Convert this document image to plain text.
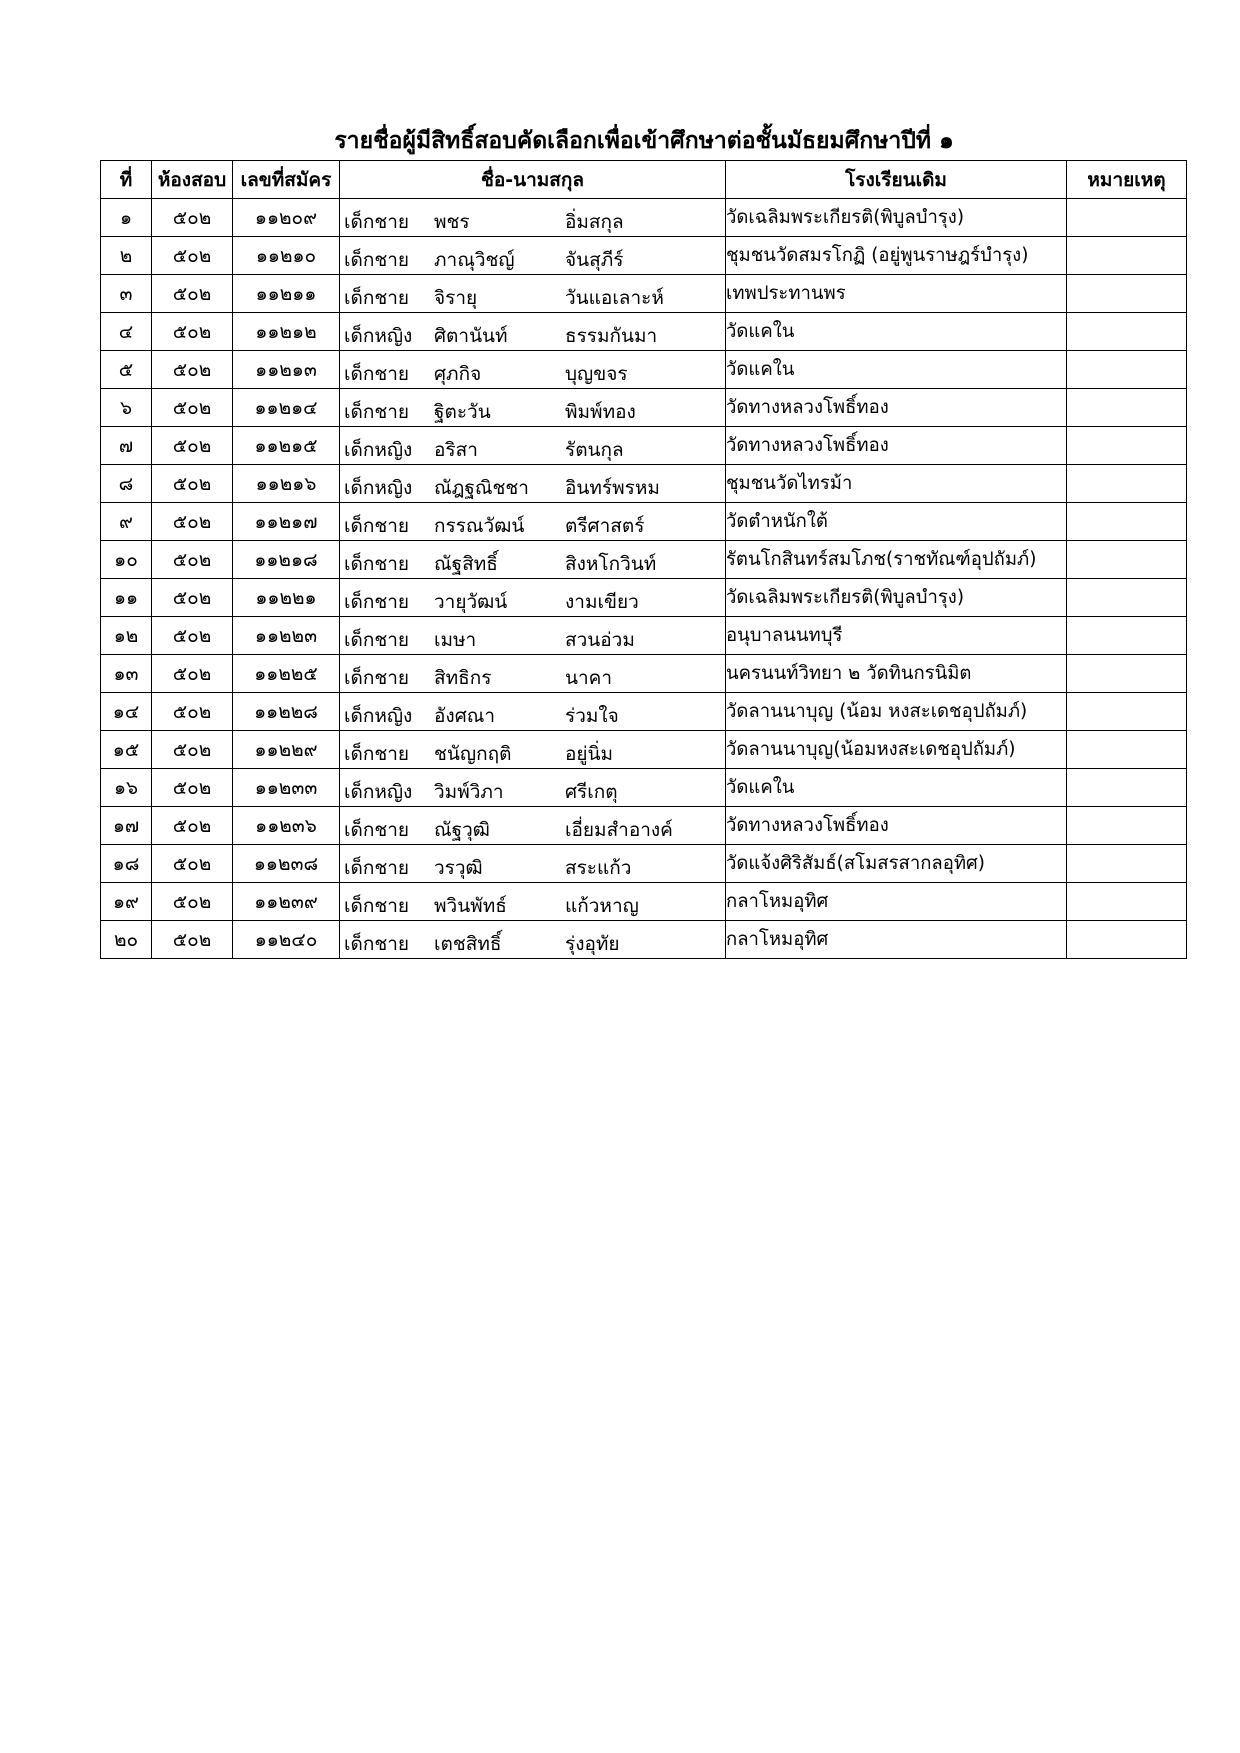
รายชื่อผู้มีสิทธิ์สอบคัดเลือกเพื่อเข้าศึกษาต่อชั้นมัธยมศึกษาปีที่ ๑
ที่	ห้องสอบ	เลขที่สมัคร	ชื่อ-นามสกุล	โรงเรียนเดิม	หมายเหตุ
๑	๕๐๒	๑๑๒๐๙	เด็กชาย พชร อิ่มสกุล	วัดเฉลิมพระเกียรติ(พิบูลบำรุง)	
๒	๕๐๒	๑๑๒๑๐	เด็กชาย ภาณุวิชญ์ จันสุภีร์	ชุมชนวัดสมรโกฏิ (อยู่พูนราษฎร์บำรุง)	
๓	๕๐๒	๑๑๒๑๑	เด็กชาย จิรายุ วันแอเลาะห์	เทพประทานพร	
๔	๕๐๒	๑๑๒๑๒	เด็กหญิง ศิตานันท์ ธรรมกันมา	วัดแคใน	
๕	๕๐๒	๑๑๒๑๓	เด็กชาย ศุภกิจ บุญขจร	วัดแคใน	
๖	๕๐๒	๑๑๒๑๔	เด็กชาย ฐิตะวัน พิมพ์ทอง	วัดทางหลวงโพธิ์ทอง	
๗	๕๐๒	๑๑๒๑๕	เด็กหญิง อริสา รัตนกุล	วัดทางหลวงโพธิ์ทอง	
๘	๕๐๒	๑๑๒๑๖	เด็กหญิง ณัฎฐณิชชา อินทร์พรหม	ชุมชนวัดไทรม้า	
๙	๕๐๒	๑๑๒๑๗	เด็กชาย กรรณวัฒน์ ตรีศาสตร์	วัดตำหนักใต้	
๑๐	๕๐๒	๑๑๒๑๘	เด็กชาย ณัฐสิทธิ์ สิงหโกวินท์	รัตนโกสินทร์สมโภช(ราชทัณฑ์อุปถัมภ์)	
๑๑	๕๐๒	๑๑๒๒๑	เด็กชาย วายุวัฒน์ งามเขียว	วัดเฉลิมพระเกียรติ(พิบูลบำรุง)	
๑๒	๕๐๒	๑๑๒๒๓	เด็กชาย เมษา สวนอ่วม	อนุบาลนนทบุรี	
๑๓	๕๐๒	๑๑๒๒๕	เด็กชาย สิทธิกร นาคา	นครนนท์วิทยา ๒ วัดทินกรนิมิต	
๑๔	๕๐๒	๑๑๒๒๘	เด็กหญิง อังศณา ร่วมใจ	วัดลานนาบุญ (น้อม หงสะเดชอุปถัมภ์)	
๑๕	๕๐๒	๑๑๒๒๙	เด็กชาย ชนัญกฤติ อยู่นิ่ม	วัดลานนาบุญ(น้อมหงสะเดชอุปถัมภ์)	
๑๖	๕๐๒	๑๑๒๓๓	เด็กหญิง วิมพ์วิภา ศรีเกตุ	วัดแคใน	
๑๗	๕๐๒	๑๑๒๓๖	เด็กชาย ณัฐวุฒิ เอี่ยมสำอางค์	วัดทางหลวงโพธิ์ทอง	
๑๘	๕๐๒	๑๑๒๓๘	เด็กชาย วรวุฒิ สระแก้ว	วัดแจ้งศิริสัมธ์(สโมสรสากลอุทิศ)	
๑๙	๕๐๒	๑๑๒๓๙	เด็กชาย พวินพัทธ์ แก้วหาญ	กลาโหมอุทิศ	
๒๐	๕๐๒	๑๑๒๔๐	เด็กชาย เตชสิทธิ์ รุ่งอุทัย	กลาโหมอุทิศ	
